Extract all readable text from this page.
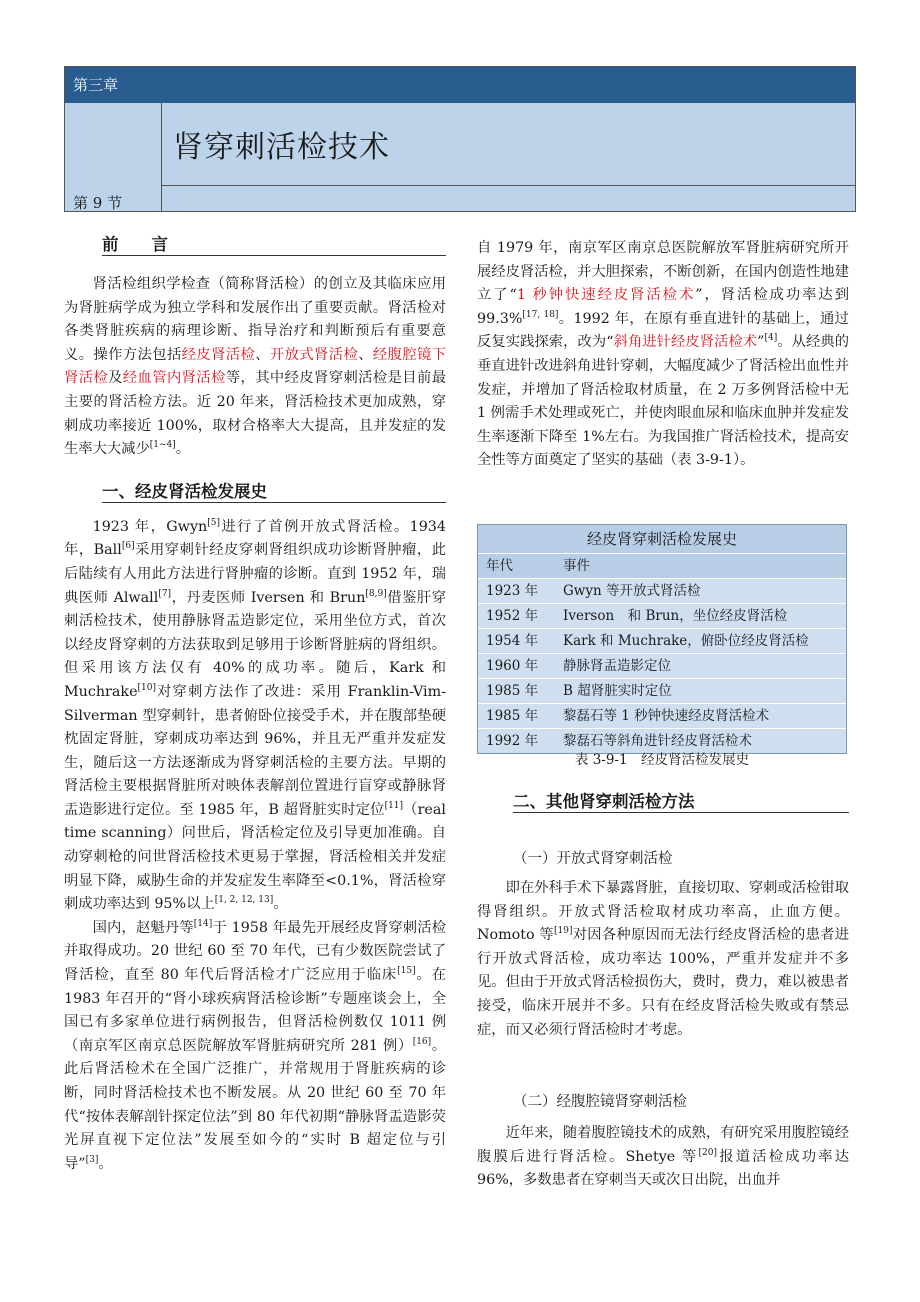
第三章
第 9 节
肾穿刺活检技术
前　　言

肾活检组织学检查（简称肾活检）的创立及其临床应用为肾脏病学成为独立学科和发展作出了重要贡献。肾活检对各类肾脏疾病的病理诊断、指导治疗和判断预后有重要意义。操作方法包括经皮肾活检、开放式肾活检、经腹腔镜下肾活检及经血管内肾活检等，其中经皮肾穿刺活检是目前最主要的肾活检方法。近 20 年来，肾活检技术更加成熟，穿刺成功率接近 100%，取材合格率大大提高，且并发症的发生率大大减少[1~4]。

一、经皮肾活检发展史

1923 年，Gwyn[5]进行了首例开放式肾活检。1934 年，Ball[6]采用穿刺针经皮穿刺肾组织成功诊断肾肿瘤，此后陆续有人用此方法进行肾肿瘤的诊断。直到 1952 年，瑞典医师 Alwall[7]，丹麦医师 Iversen 和 Brun[8,9]借鉴肝穿刺活检技术，使用静脉肾盂造影定位，采用坐位方式，首次以经皮肾穿刺的方法获取到足够用于诊断肾脏病的肾组织。但采用该方法仅有 40%的成功率。随后，Kark 和 Muchrake[10]对穿刺方法作了改进：采用 Franklin-Vim-Silverman 型穿刺针，患者俯卧位接受手术，并在腹部垫硬枕固定肾脏，穿刺成功率达到 96%，并且无严重并发症发生，随后这一方法逐渐成为肾穿刺活检的主要方法。早期的肾活检主要根据肾脏所对映体表解剖位置进行盲穿或静脉肾盂造影进行定位。至 1985 年，B 超肾脏实时定位[11]（real time scanning）问世后，肾活检定位及引导更加准确。自动穿刺枪的问世肾活检技术更易于掌握，肾活检相关并发症明显下降，威胁生命的并发症发生率降至<0.1%，肾活检穿刺成功率达到 95%以上[1, 2, 12, 13]。

国内，赵魁丹等[14]于 1958 年最先开展经皮肾穿刺活检并取得成功。20 世纪 60 至 70 年代，已有少数医院尝试了肾活检，直至 80 年代后肾活检才广泛应用于临床[15]。在 1983 年召开的“肾小球疾病肾活检诊断”专题座谈会上，全国已有多家单位进行病例报告，但肾活检例数仅 1011 例（南京军区南京总医院解放军肾脏病研究所 281 例）[16]。此后肾活检术在全国广泛推广，并常规用于肾脏疾病的诊断，同时肾活检技术也不断发展。从 20 世纪 60 至 70 年代“按体表解剖针探定位法”到 80 年代初期“静脉肾盂造影荧光屏直视下定位法”发展至如今的“实时 B 超定位与引导”[3]。

自 1979 年，南京军区南京总医院解放军肾脏病研究所开展经皮肾活检，并大胆探索，不断创新，在国内创造性地建立了“1 秒钟快速经皮肾活检术”，肾活检成功率达到 99.3%[17, 18]。1992 年，在原有垂直进针的基础上，通过反复实践探索，改为“斜角进针经皮肾活检术”[4]。从经典的垂直进针改进斜角进针穿刺，大幅度减少了肾活检出血性并发症，并增加了肾活检取材质量，在 2 万多例肾活检中无 1 例需手术处理或死亡，并使肉眼血尿和临床血肿并发症发生率逐渐下降至 1%左右。为我国推广肾活检技术，提高安全性等方面奠定了坚实的基础（表 3-9-1）。

经皮肾穿刺活检发展史
年代	事件
1923 年 Gwyn 等开放式肾活检
1952 年 Iverson　和 Brun，坐位经皮肾活检
1954 年 Kark 和 Muchrake，俯卧位经皮肾活检
1960 年 静脉肾盂造影定位
1985 年 B 超肾脏实时定位
1985 年 黎磊石等 1 秒钟快速经皮肾活检术
1992 年 黎磊石等斜角进针经皮肾活检术
表 3-9-1　经皮肾活检发展史
二、其他肾穿刺活检方法
（一）开放式肾穿刺活检

即在外科手术下暴露肾脏，直接切取、穿刺或活检钳取得肾组织。开放式肾活检取材成功率高，止血方便。Nomoto 等[19]对因各种原因而无法行经皮肾活检的患者进行开放式肾活检，成功率达 100%，严重并发症并不多见。但由于开放式肾活检损伤大，费时，费力，难以被患者接受，临床开展并不多。只有在经皮肾活检失败或有禁忌症，而又必须行肾活检时才考虑。

（二）经腹腔镜肾穿刺活检

近年来，随着腹腔镜技术的成熟，有研究采用腹腔镜经腹膜后进行肾活检。Shetye 等[20]报道活检成功率达 96%，多数患者在穿刺当天或次日出院，出血并
